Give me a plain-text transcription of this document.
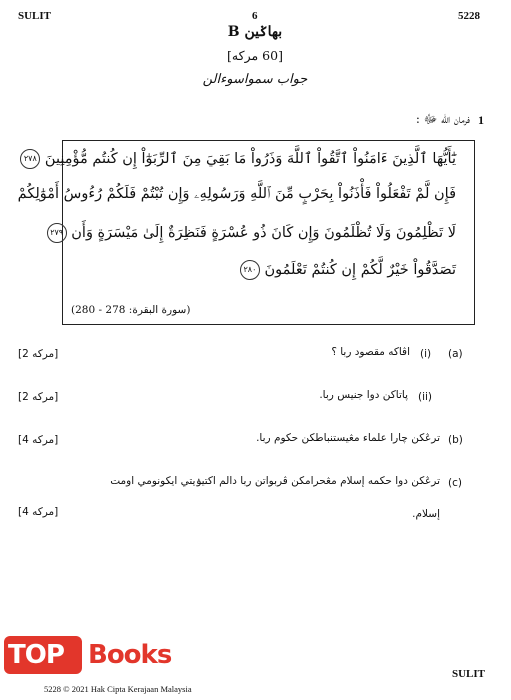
SULIT	6	5228
بهاݢين B
[60 مركه]
جواب سمواسوءالن
1
فرمان الله ﷻ :
يَٰٓأَيُّهَا ٱلَّذِينَ ءَامَنُواْ ٱتَّقُواْ ٱللَّهَ وَذَرُواْ مَا بَقِيَ مِنَ ٱلرِّبَوٰٓاْ إِن كُنتُم مُّؤْمِنِينَ ٢٧٨
فَإِن لَّمْ تَفْعَلُواْ فَأْذَنُواْ بِحَرْبٍ مِّنَ ٱللَّهِ وَرَسُولِهِۦ وَإِن تُبْتُمْ فَلَكُمْ رُءُوسُ أَمْوَٰلِكُمْ
لَا تَظْلِمُونَ وَلَا تُظْلَمُونَ وَإِن كَانَ ذُو عُسْرَةٍ فَنَظِرَةٌ إِلَىٰ مَيْسَرَةٍ وَأَن ٢٧٩
تَصَدَّقُواْ خَيْرٌ لَّكُمْ إِن كُنتُمْ تَعْلَمُونَ ٢٨٠
(سورة البقرة: 278 - 280)
(a)
(i)
اڤاكه مقصود ربا ؟
[2 مركه]
(ii)
ڽاتاكن دوا جنيس ربا.
[2 مركه]
(b)
ترڠكن چارا علماء مڠيستنباطكن حكوم ربا.
[4 مركه]
(c)
ترڠكن دوا حكمه إسلام مڠحرامكن ڤربواتن ربا دالم اكتيۏيتي ايكونومي اومت
إسلام.
[4 مركه]
TOP Books
5228 © 2021 Hak Cipta Kerajaan Malaysia
SULIT
